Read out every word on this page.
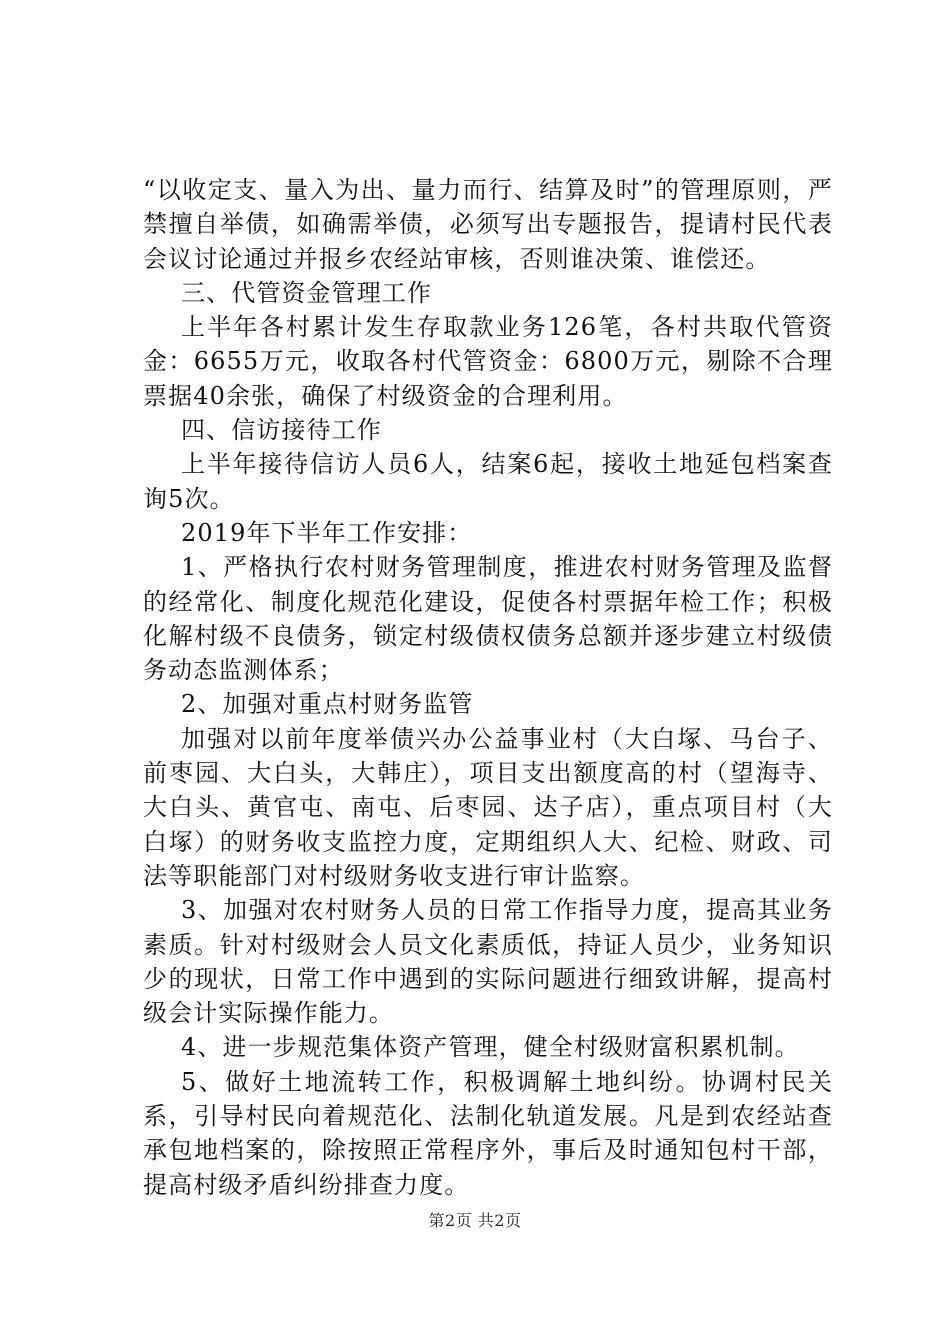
“以收定支、量入为出、量力而行、结算及时”的管理原则，严禁擅自举债，如确需举债，必须写出专题报告，提请村民代表会议讨论通过并报乡农经站审核，否则谁决策、谁偿还。

三、代管资金管理工作

上半年各村累计发生存取款业务126笔，各村共取代管资金：6655万元，收取各村代管资金：6800万元，剔除不合理票据40余张，确保了村级资金的合理利用。

四、信访接待工作

上半年接待信访人员6人，结案6起，接收土地延包档案查询5次。

2019年下半年工作安排：

1、严格执行农村财务管理制度，推进农村财务管理及监督的经常化、制度化规范化建设，促使各村票据年检工作；积极化解村级不良债务，锁定村级债权债务总额并逐步建立村级债务动态监测体系；

2、加强对重点村财务监管

加强对以前年度举债兴办公益事业村（大白塚、马台子、前枣园、大白头，大韩庄），项目支出额度高的村（望海寺、大白头、黄官屯、南屯、后枣园、达子店），重点项目村（大白塚）的财务收支监控力度，定期组织人大、纪检、财政、司法等职能部门对村级财务收支进行审计监察。

3、加强对农村财务人员的日常工作指导力度，提高其业务素质。针对村级财会人员文化素质低，持证人员少，业务知识少的现状，日常工作中遇到的实际问题进行细致讲解，提高村级会计实际操作能力。

4、进一步规范集体资产管理，健全村级财富积累机制。

5、做好土地流转工作，积极调解土地纠纷。协调村民关系，引导村民向着规范化、法制化轨道发展。凡是到农经站查承包地档案的，除按照正常程序外，事后及时通知包村干部，提高村级矛盾纠纷排查力度。

第2页 共2页
